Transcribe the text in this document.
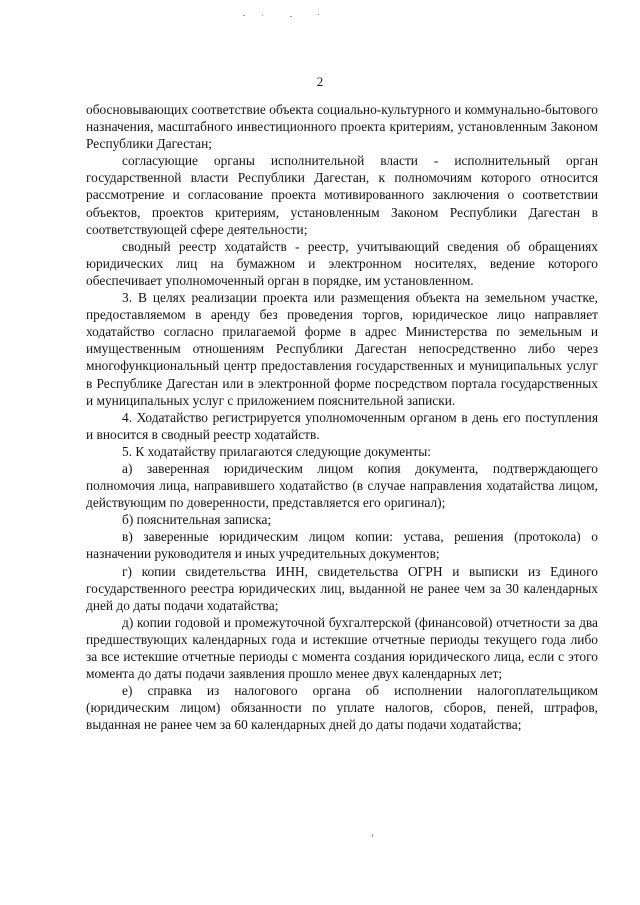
2

обосновывающих соответствие объекта социально-культурного и коммунально-бытового назначения, масштабного инвестиционного проекта критериям, установленным Законом Республики Дагестан;

согласующие органы исполнительной власти - исполнительный орган государственной власти Республики Дагестан, к полномочиям которого относится рассмотрение и согласование проекта мотивированного заключения о соответствии объектов, проектов критериям, установленным Законом Республики Дагестан в соответствующей сфере деятельности;

сводный реестр ходатайств - реестр, учитывающий сведения об обращениях юридических лиц на бумажном и электронном носителях, ведение которого обеспечивает уполномоченный орган в порядке, им установленном.

3. В целях реализации проекта или размещения объекта на земельном участке, предоставляемом в аренду без проведения торгов, юридическое лицо направляет ходатайство согласно прилагаемой форме в адрес Министерства по земельным и имущественным отношениям Республики Дагестан непосредственно либо через многофункциональный центр предоставления государственных и муниципальных услуг в Республике Дагестан или в электронной форме посредством портала государственных и муниципальных услуг с приложением пояснительной записки.

4. Ходатайство регистрируется уполномоченным органом в день его поступления и вносится в сводный реестр ходатайств.

5. К ходатайству прилагаются следующие документы:

а) заверенная юридическим лицом копия документа, подтверждающего полномочия лица, направившего ходатайство (в случае направления ходатайства лицом, действующим по доверенности, представляется его оригинал);

б) пояснительная записка;

в) заверенные юридическим лицом копии: устава, решения (протокола) о назначении руководителя и иных учредительных документов;

г) копии свидетельства ИНН, свидетельства ОГРН и выписки из Единого государственного реестра юридических лиц, выданной не ранее чем за 30 календарных дней до даты подачи ходатайства;

д) копии годовой и промежуточной бухгалтерской (финансовой) отчетности за два предшествующих календарных года и истекшие отчетные периоды текущего года либо за все истекшие отчетные периоды с момента создания юридического лица, если с этого момента до даты подачи заявления прошло менее двух календарных лет;

е) справка из налогового органа об исполнении налогоплательщиком (юридическим лицом) обязанности по уплате налогов, сборов, пеней, штрафов, выданная не ранее чем за 60 календарных дней до даты подачи ходатайства;
